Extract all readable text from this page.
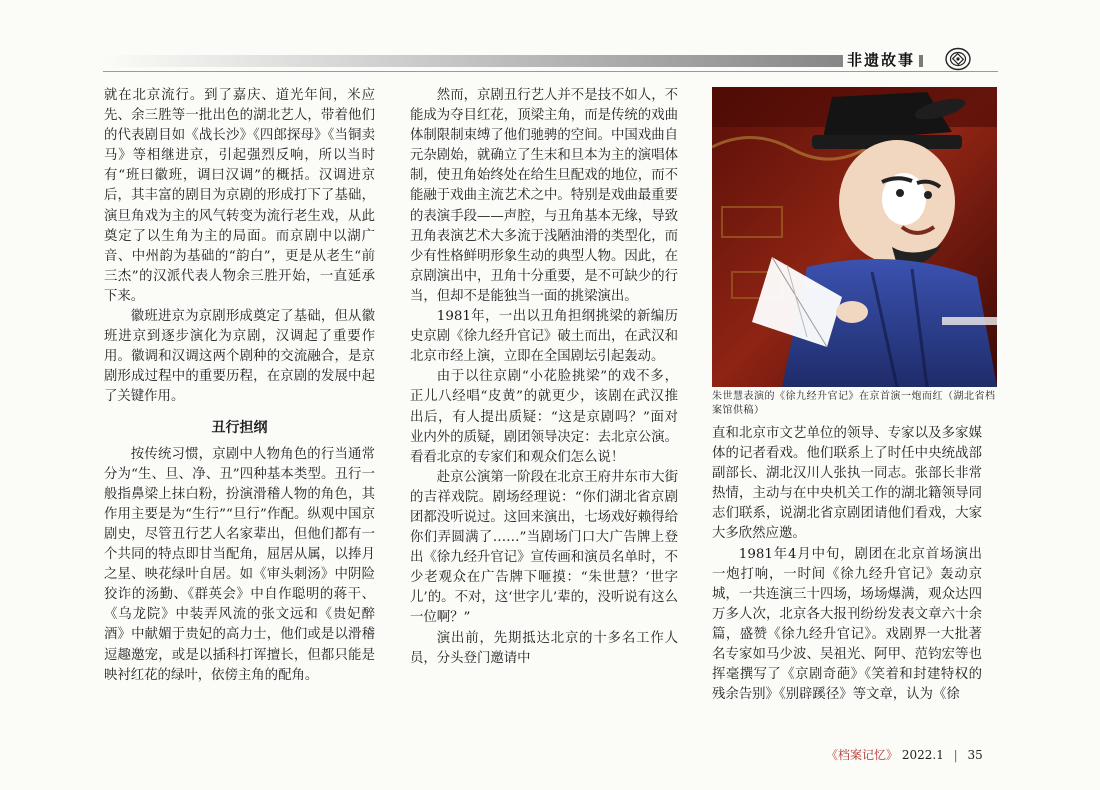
非遗故事

就在北京流行。到了嘉庆、道光年间，米应先、余三胜等一批出色的湖北艺人，带着他们的代表剧目如《战长沙》《四郎探母》《当铜卖马》等相继进京，引起强烈反响，所以当时有“班曰徽班，调曰汉调”的概括。汉调进京后，其丰富的剧目为京剧的形成打下了基础，演旦角戏为主的风气转变为流行老生戏，从此奠定了以生角为主的局面。而京剧中以湖广音、中州韵为基础的“韵白”，更是从老生“前三杰”的汉派代表人物余三胜开始，一直延承下来。

徽班进京为京剧形成奠定了基础，但从徽班进京到逐步演化为京剧，汉调起了重要作用。徽调和汉调这两个剧种的交流融合，是京剧形成过程中的重要历程，在京剧的发展中起了关键作用。

丑行担纲

按传统习惯，京剧中人物角色的行当通常分为“生、旦、净、丑”四种基本类型。丑行一般指鼻梁上抹白粉，扮演滑稽人物的角色，其作用主要是为“生行”“旦行”作配。纵观中国京剧史，尽管丑行艺人名家辈出，但他们都有一个共同的特点即甘当配角，屈居从属，以捧月之星、映花绿叶自居。如《审头刺汤》中阴险狡诈的汤勤、《群英会》中自作聪明的蒋干、《乌龙院》中装弄风流的张文远和《贵妃醉酒》中献媚于贵妃的高力士，他们或是以滑稽逗趣邀宠，或是以插科打诨擅长，但都只能是映衬红花的绿叶，依傍主角的配角。

然而，京剧丑行艺人并不是技不如人，不能成为夺目红花，顶梁主角，而是传统的戏曲体制限制束缚了他们驰骋的空间。中国戏曲自元杂剧始，就确立了生末和旦本为主的演唱体制，使丑角始终处在给生旦配戏的地位，而不能融于戏曲主流艺术之中。特别是戏曲最重要的表演手段——声腔，与丑角基本无缘，导致丑角表演艺术大多流于浅陋油滑的类型化，而少有性格鲜明形象生动的典型人物。因此，在京剧演出中，丑角十分重要，是不可缺少的行当，但却不是能独当一面的挑梁演出。

1981年，一出以丑角担纲挑梁的新编历史京剧《徐九经升官记》破土而出，在武汉和北京市经上演，立即在全国剧坛引起轰动。

由于以往京剧“小花脸挑梁”的戏不多，正儿八经唱“皮黄”的就更少，该剧在武汉推出后，有人提出质疑：“这是京剧吗？”面对业内外的质疑，剧团领导决定：去北京公演。看看北京的专家们和观众们怎么说！

赴京公演第一阶段在北京王府井东市大街的吉祥戏院。剧场经理说：“你们湖北省京剧团都没听说过。这回来演出，七场戏好赖得给你们弄圆满了……”当剧场门口大广告牌上登出《徐九经升官记》宣传画和演员名单时，不少老观众在广告牌下咂摸：“朱世慧？‘世字儿’的。不对，这‘世字儿’辈的，没听说有这么一位啊？”

演出前，先期抵达北京的十多名工作人员，分头登门邀请中

朱世慧表演的《徐九经升官记》在京首演一炮而红（湖北省档案馆供稿）

直和北京市文艺单位的领导、专家以及多家媒体的记者看戏。他们联系上了时任中央统战部副部长、湖北汉川人张执一同志。张部长非常热情，主动与在中央机关工作的湖北籍领导同志们联系，说湖北省京剧团请他们看戏，大家大多欣然应邀。

1981年4月中旬，剧团在北京首场演出一炮打响，一时间《徐九经升官记》轰动京城，一共连演三十四场，场场爆满，观众达四万多人次，北京各大报刊纷纷发表文章六十余篇，盛赞《徐九经升官记》。戏剧界一大批著名专家如马少波、吴祖光、阿甲、范钧宏等也挥毫撰写了《京剧奇葩》《笑着和封建特权的残余告别》《别辟蹊径》等文章，认为《徐

《档案记忆》 2022.1 | 35
